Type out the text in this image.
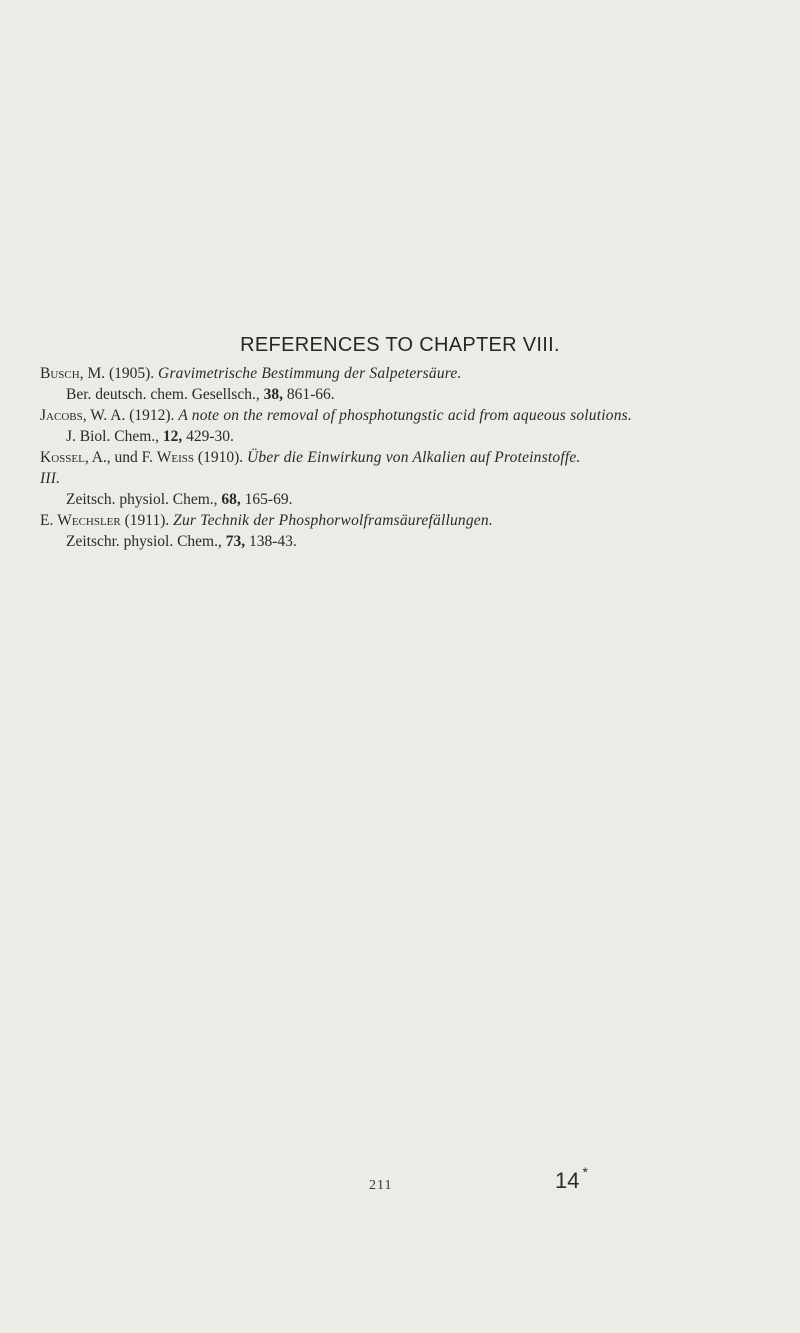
REFERENCES TO CHAPTER VIII.
Busch, M. (1905). Gravimetrische Bestimmung der Salpetersäure.
Ber. deutsch. chem. Gesellsch., 38, 861-66.
Jacobs, W. A. (1912). A note on the removal of phosphotungstic acid from aqueous solutions.
J. Biol. Chem., 12, 429-30.
Kossel, A., und F. Weiss (1910). Über die Einwirkung von Alkalien auf Proteinstoffe.
III.
Zeitsch. physiol. Chem., 68, 165-69.
E. Wechsler (1911). Zur Technik der Phosphorwolframsäurefällungen.
Zeitschr. physiol. Chem., 73, 138-43.
211	14 *
